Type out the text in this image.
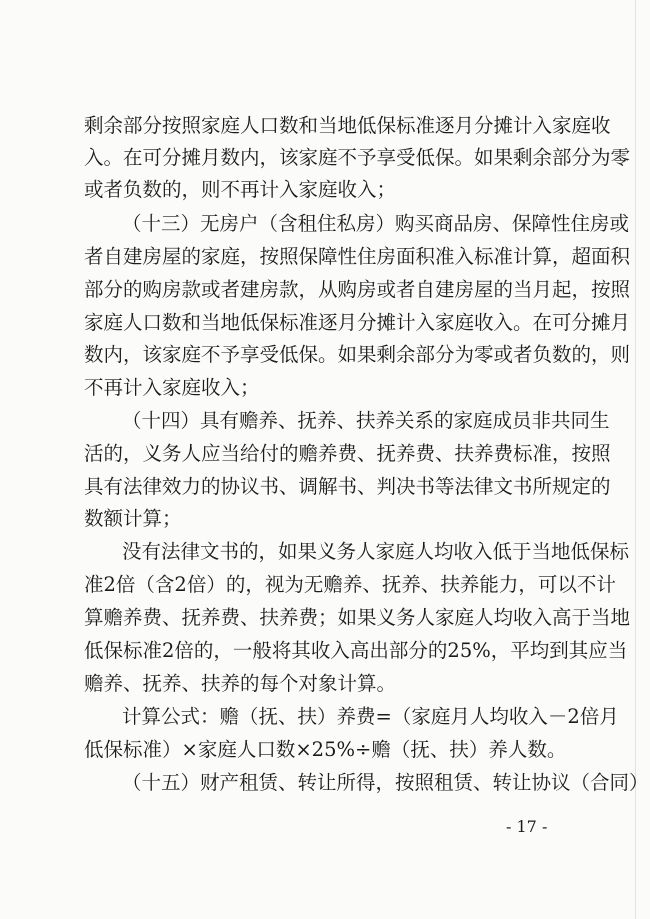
剩余部分按照家庭人口数和当地低保标准逐月分摊计入家庭收
入。在可分摊月数内，该家庭不予享受低保。如果剩余部分为零
或者负数的，则不再计入家庭收入；
（十三）无房户（含租住私房）购买商品房、保障性住房或
者自建房屋的家庭，按照保障性住房面积准入标准计算，超面积
部分的购房款或者建房款，从购房或者自建房屋的当月起，按照
家庭人口数和当地低保标准逐月分摊计入家庭收入。在可分摊月
数内，该家庭不予享受低保。如果剩余部分为零或者负数的，则
不再计入家庭收入；
（十四）具有赡养、抚养、扶养关系的家庭成员非共同生
活的，义务人应当给付的赡养费、抚养费、扶养费标准，按照
具有法律效力的协议书、调解书、判决书等法律文书所规定的
数额计算；
没有法律文书的，如果义务人家庭人均收入低于当地低保标
准2倍（含2倍）的，视为无赡养、抚养、扶养能力，可以不计
算赡养费、抚养费、扶养费；如果义务人家庭人均收入高于当地
低保标准2倍的，一般将其收入高出部分的25%，平均到其应当
赡养、抚养、扶养的每个对象计算。
计算公式：赡（抚、扶）养费=（家庭月人均收入－2倍月
低保标准）×家庭人口数×25%÷赡（抚、扶）养人数。
（十五）财产租赁、转让所得，按照租赁、转让协议（合同）
- 17 -
